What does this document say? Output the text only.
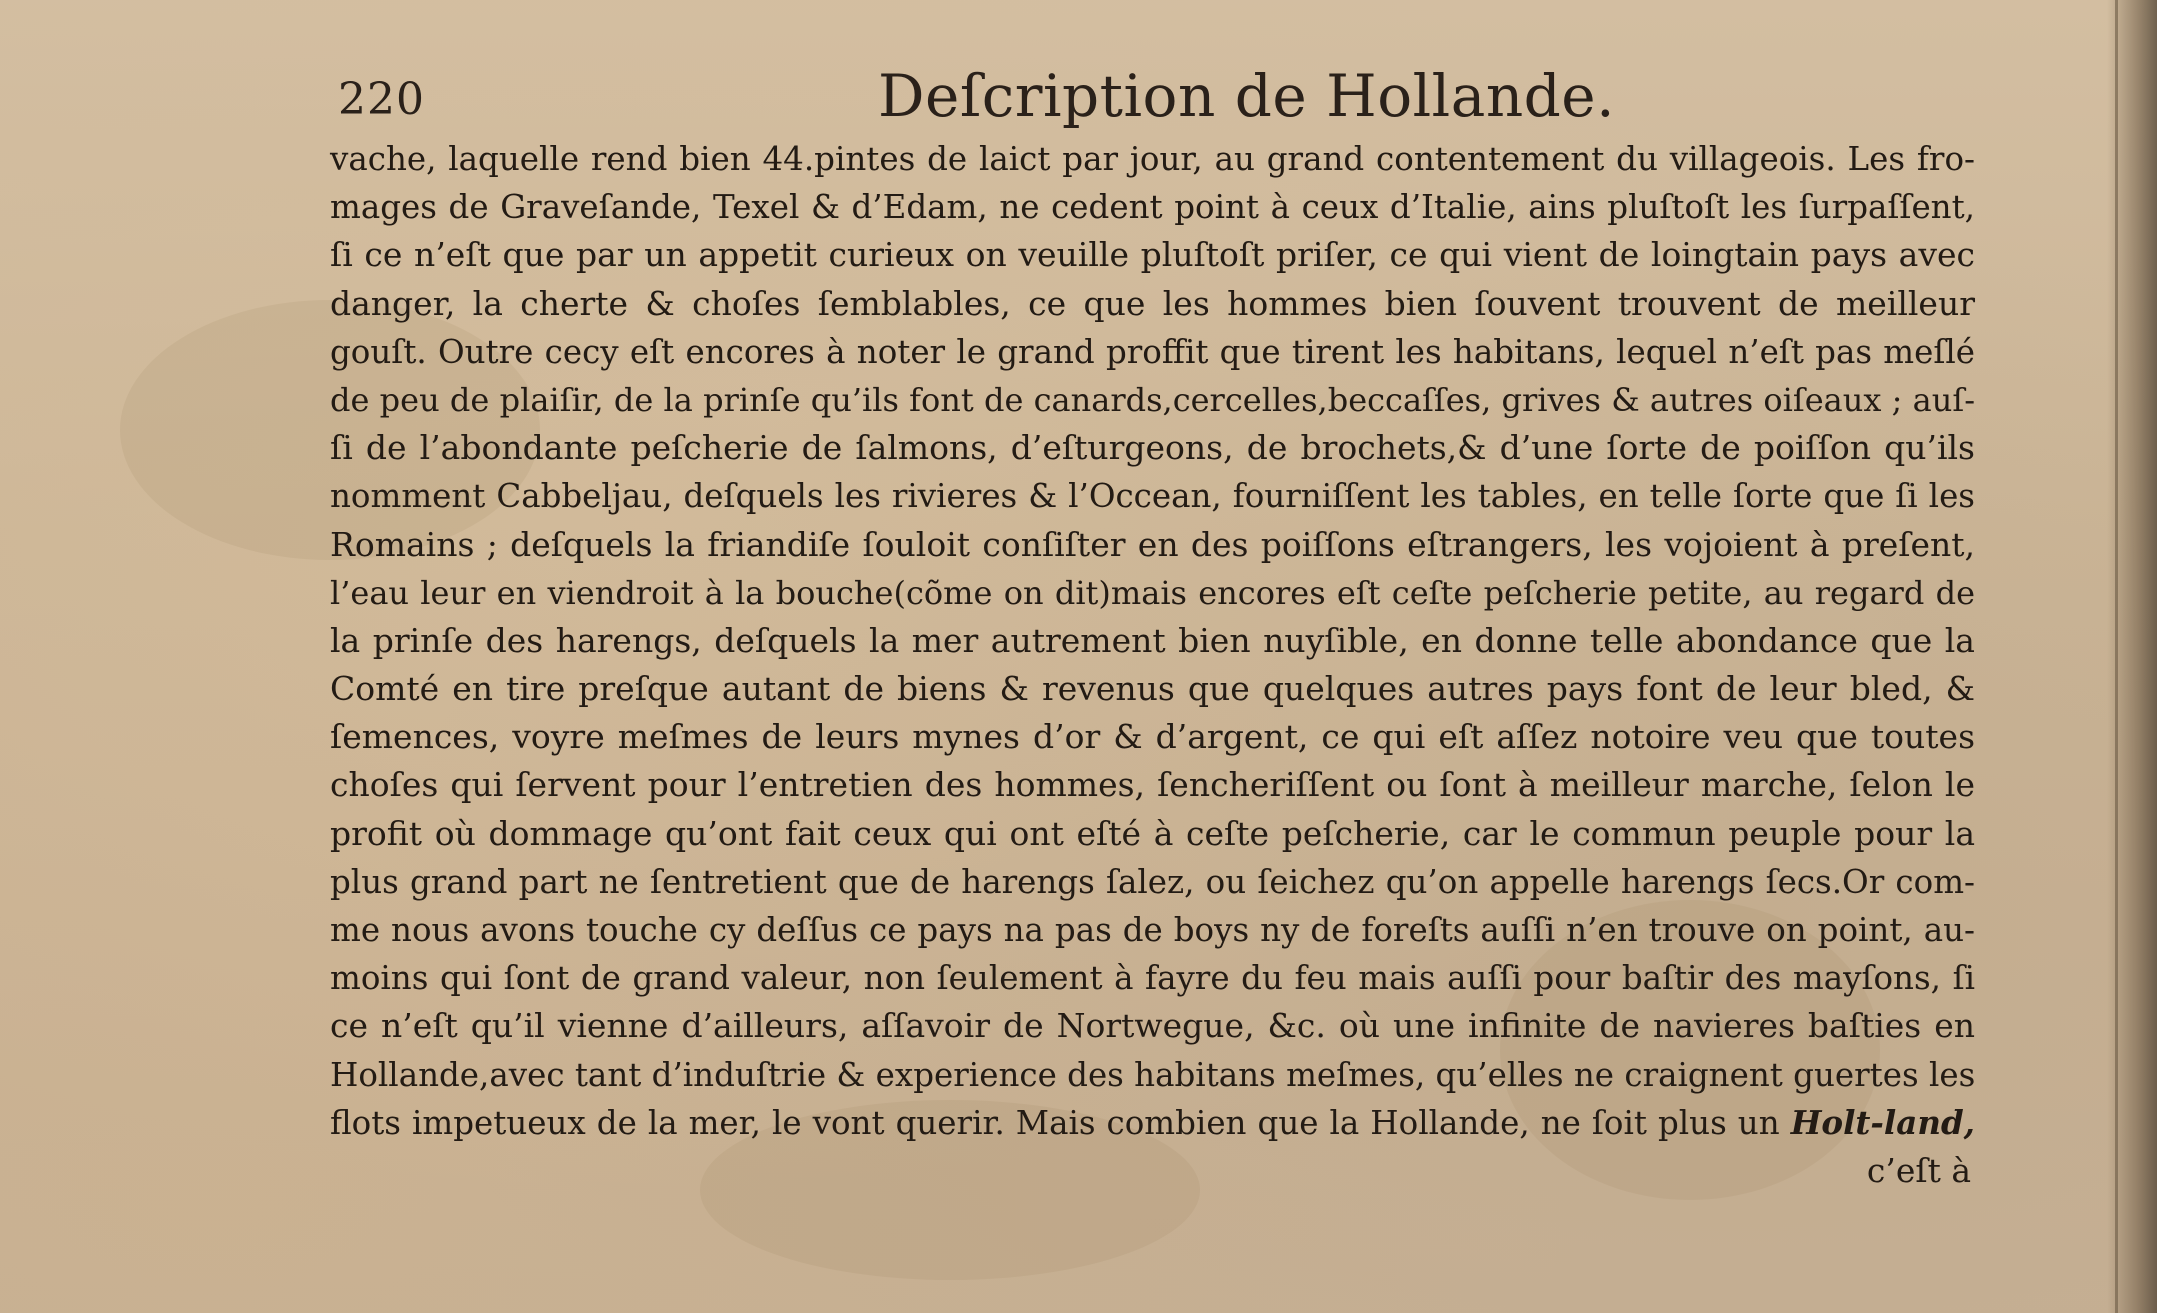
220	Deſcription de Hollande.
vache, laquelle rend bien 44.pintes de laict par jour, au grand contentement du villageois. Les fro-
mages de Graveſande, Texel & d’Edam, ne cedent point à ceux d’Italie, ains pluſtoſt les ſurpaſſent,
ſi ce n’eſt que par un appetit curieux on veuille pluſtoſt priſer, ce qui vient de loingtain pays avec
danger, la cherte & choſes ſemblables, ce que les hommes bien ſouvent trouvent de meilleur
gouſt. Outre cecy eſt encores à noter le grand proffit que tirent les habitans, lequel n’eſt pas meſlé
de peu de plaiſir, de la prinſe qu’ils font de canards,cercelles,beccaſſes, grives & autres oiſeaux ; auſ-
ſi de l’abondante peſcherie de ſalmons, d’eſturgeons, de brochets,& d’une ſorte de poiſſon qu’ils
nomment Cabbeljau, deſquels les rivieres & l’Occean, fourniſſent les tables, en telle ſorte que ſi les
Romains ; deſquels la friandiſe ſouloit conſiſter en des poiſſons eſtrangers, les vojoient à preſent,
l’eau leur en viendroit à la bouche(cõme on dit)mais encores eſt ceſte peſcherie petite, au regard de
la prinſe des harengs, deſquels la mer autrement bien nuyſible, en donne telle abondance que la
Comté en tire preſque autant de biens & revenus que quelques autres pays font de leur bled, &
ſemences, voyre meſmes de leurs mynes d’or & d’argent, ce qui eſt aſſez notoire veu que toutes
choſes qui ſervent pour l’entretien des hommes, ſencheriſſent ou ſont à meilleur marche, ſelon le
profit où dommage qu’ont fait ceux qui ont eſté à ceſte peſcherie, car le commun peuple pour la
plus grand part ne ſentretient que de harengs ſalez, ou ſeichez qu’on appelle harengs ſecs.Or com-
me nous avons touche cy deſſus ce pays na pas de boys ny de foreſts auſſi n’en trouve on point, au-
moins qui ſont de grand valeur, non ſeulement à fayre du feu mais auſſi pour baſtir des mayſons, ſi
ce n’eſt qu’il vienne d’ailleurs, aſſavoir de Nortwegue, &c. où une infinite de navieres baſties en
Hollande,avec tant d’induſtrie & experience des habitans meſmes, qu’elles ne craignent guertes les
flots impetueux de la mer, le vont querir. Mais combien que la Hollande, ne ſoit plus un Holt-land,
c’eſt à
